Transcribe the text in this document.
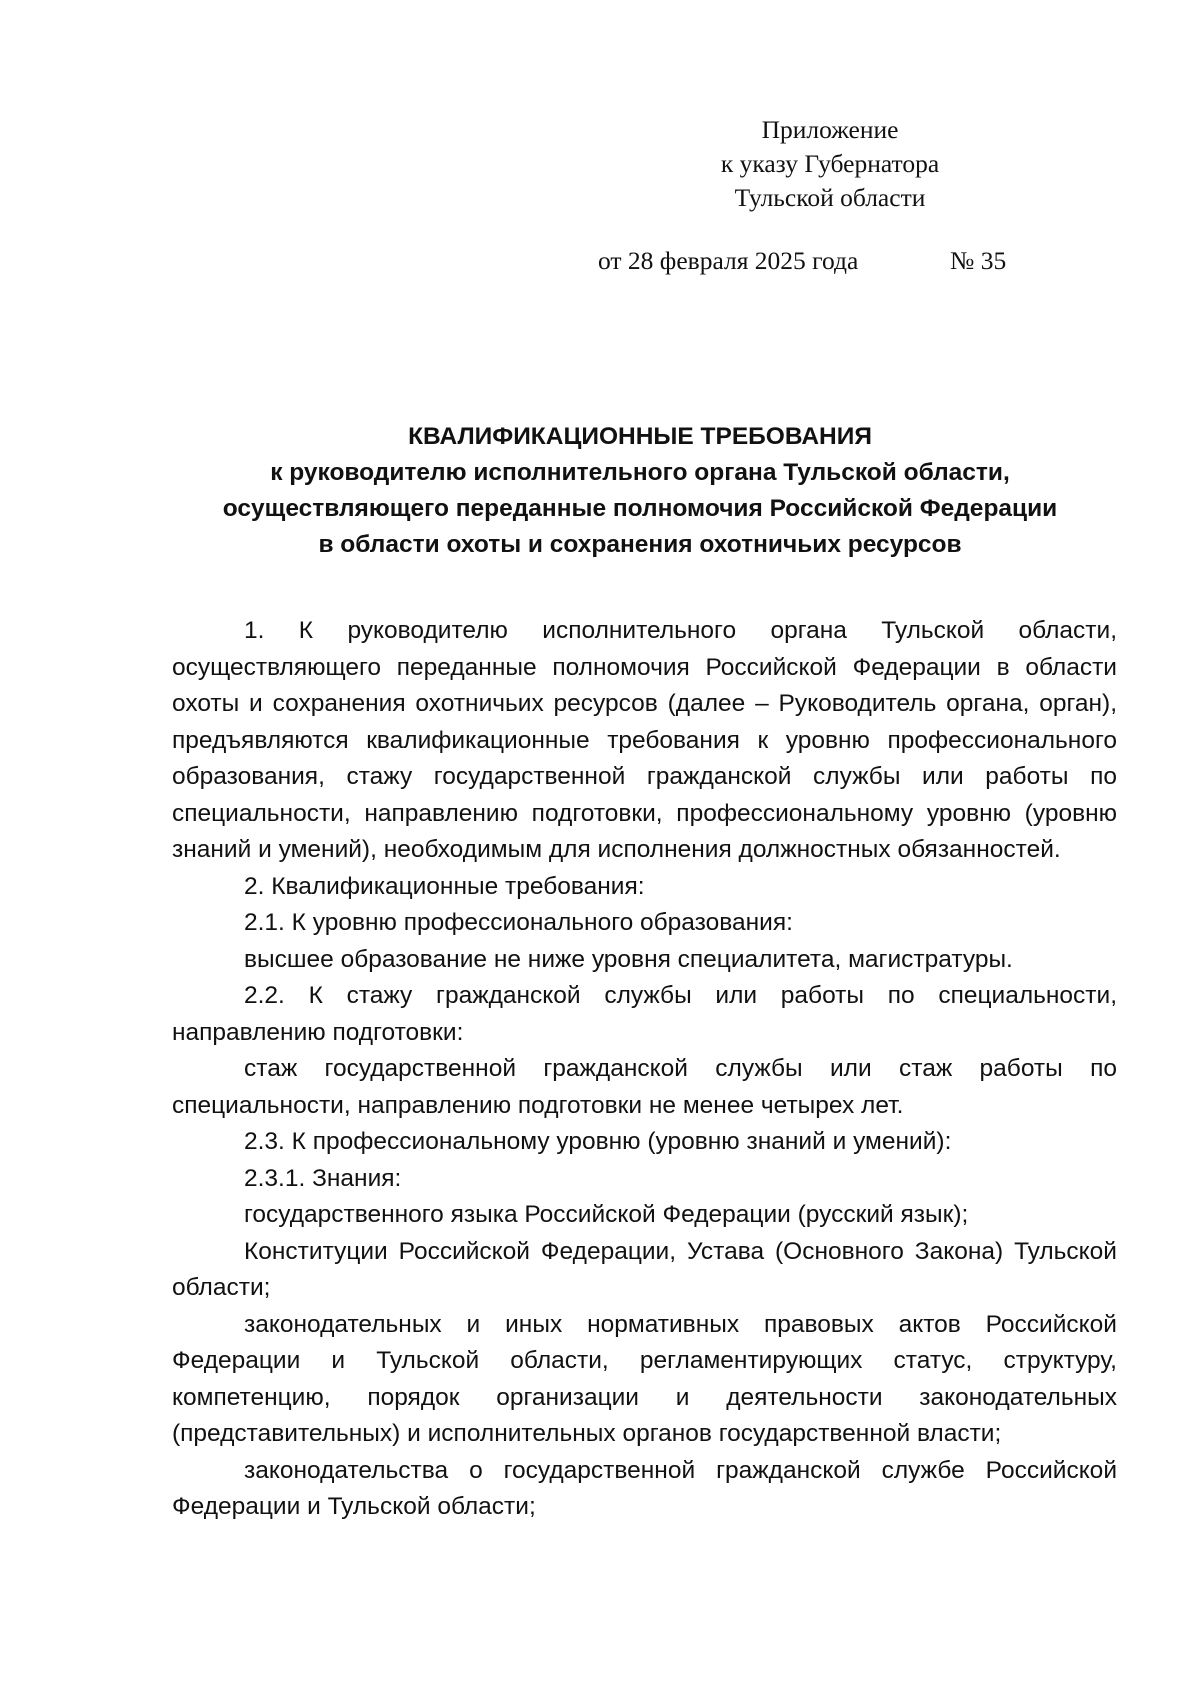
Приложение
к указу Губернатора
Тульской области
от 28 февраля 2025 года	№ 35
КВАЛИФИКАЦИОННЫЕ ТРЕБОВАНИЯ
к руководителю исполнительного органа Тульской области,
осуществляющего переданные полномочия Российской Федерации
в области охоты и сохранения охотничьих ресурсов

1. К руководителю исполнительного органа Тульской области, осуществляющего переданные полномочия Российской Федерации в области охоты и сохранения охотничьих ресурсов (далее – Руководитель органа, орган), предъявляются квалификационные требования к уровню профессионального образования, стажу государственной гражданской службы или работы по специальности, направлению подготовки, профессиональному уровню (уровню знаний и умений), необходимым для исполнения должностных обязанностей.

2. Квалификационные требования:

2.1. К уровню профессионального образования:

высшее образование не ниже уровня специалитета, магистратуры.

2.2. К стажу гражданской службы или работы по специальности, направлению подготовки:

стаж государственной гражданской службы или стаж работы по специальности, направлению подготовки не менее четырех лет.

2.3. К профессиональному уровню (уровню знаний и умений):

2.3.1. Знания:

государственного языка Российской Федерации (русский язык);

Конституции Российской Федерации, Устава (Основного Закона) Тульской области;

законодательных и иных нормативных правовых актов Российской Федерации и Тульской области, регламентирующих статус, структуру, компетенцию, порядок организации и деятельности законодательных (представительных) и исполнительных органов государственной власти;

законодательства о государственной гражданской службе Российской Федерации и Тульской области;
